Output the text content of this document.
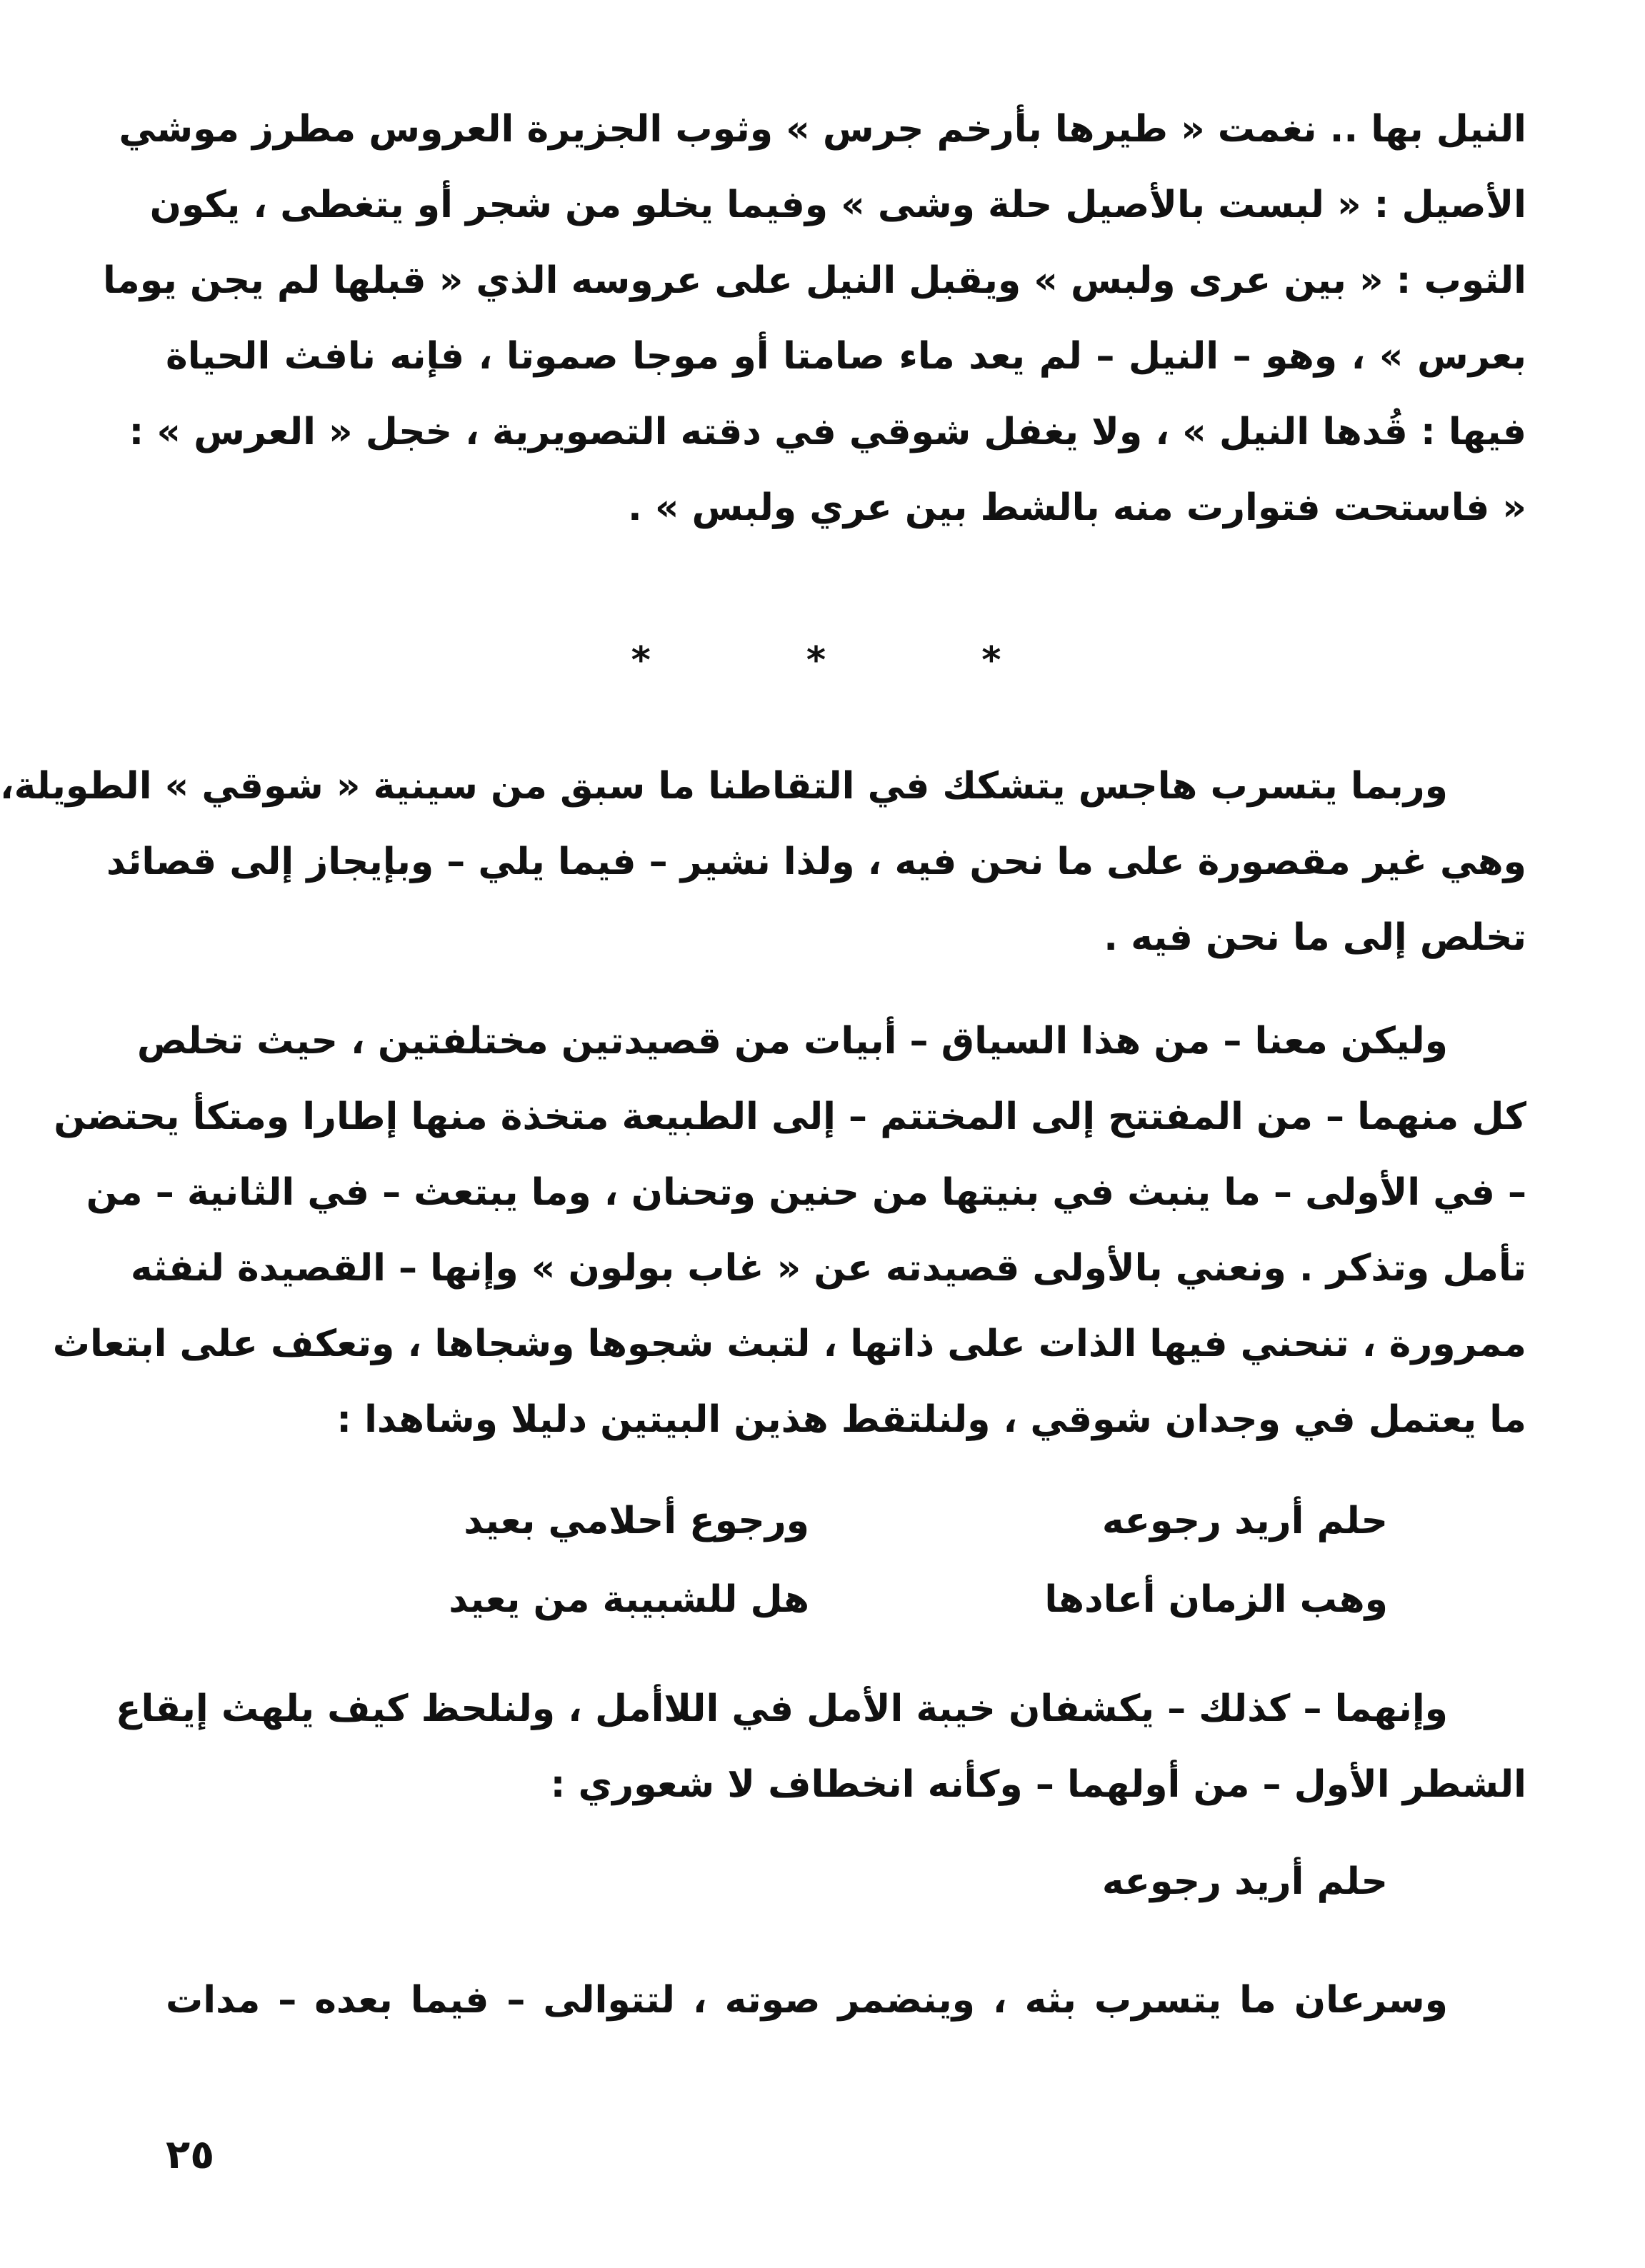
النيل بها .. نغمت « طيرها بأرخم جرس » وثوب الجزيرة العروس مطرز موشي
الأصيل : « لبست بالأصيل حلة وشى » وفيما يخلو من شجر أو يتغطى ، يكون
الثوب : « بين عرى ولبس » ويقبل النيل على عروسه الذي « قبلها لم يجن يوما
بعرس » ، وهو – النيل – لم يعد ماء صامتا أو موجا صموتا ، فإنه نافث الحياة
فيها : قُدها النيل » ، ولا يغفل شوقي في دقته التصويرية ، خجل « العرس » :
« فاستحت فتوارت منه بالشط بين عري ولبس » .
* * *
وربما يتسرب هاجس يتشكك في التقاطنا ما سبق من سينية « شوقي » الطويلة،
وهي غير مقصورة على ما نحن فيه ، ولذا نشير – فيما يلي – وبإيجاز إلى قصائد
تخلص إلى ما نحن فيه .
وليكن معنا – من هذا السياق – أبيات من قصيدتين مختلفتين ، حيث تخلص
كل منهما – من المفتتح إلى المختتم – إلى الطبيعة متخذة منها إطارا ومتكأ يحتضن
– في الأولى – ما ينبث في بنيتها من حنين وتحنان ، وما يبتعث – في الثانية – من
تأمل وتذكر . ونعني بالأولى قصيدته عن « غاب بولون » وإنها – القصيدة لنفثه
ممرورة ، تنحني فيها الذات على ذاتها ، لتبث شجوها وشجاها ، وتعكف على ابتعاث
ما يعتمل في وجدان شوقي ، ولنلتقط هذين البيتين دليلا وشاهدا :
حلم أريد رجوعه
ورجوع أحلامي بعيد
وهب الزمان أعادها
هل للشبيبة من يعيد
وإنهما – كذلك – يكشفان خيبة الأمل في اللاأمل ، ولنلحظ كيف يلهث إيقاع
الشطر الأول – من أولهما – وكأنه انخطاف لا شعوري :
حلم أريد رجوعه
وسرعان ما يتسرب بثه ، وينضمر صوته ، لتتوالى – فيما بعده – مدات
٢٥
